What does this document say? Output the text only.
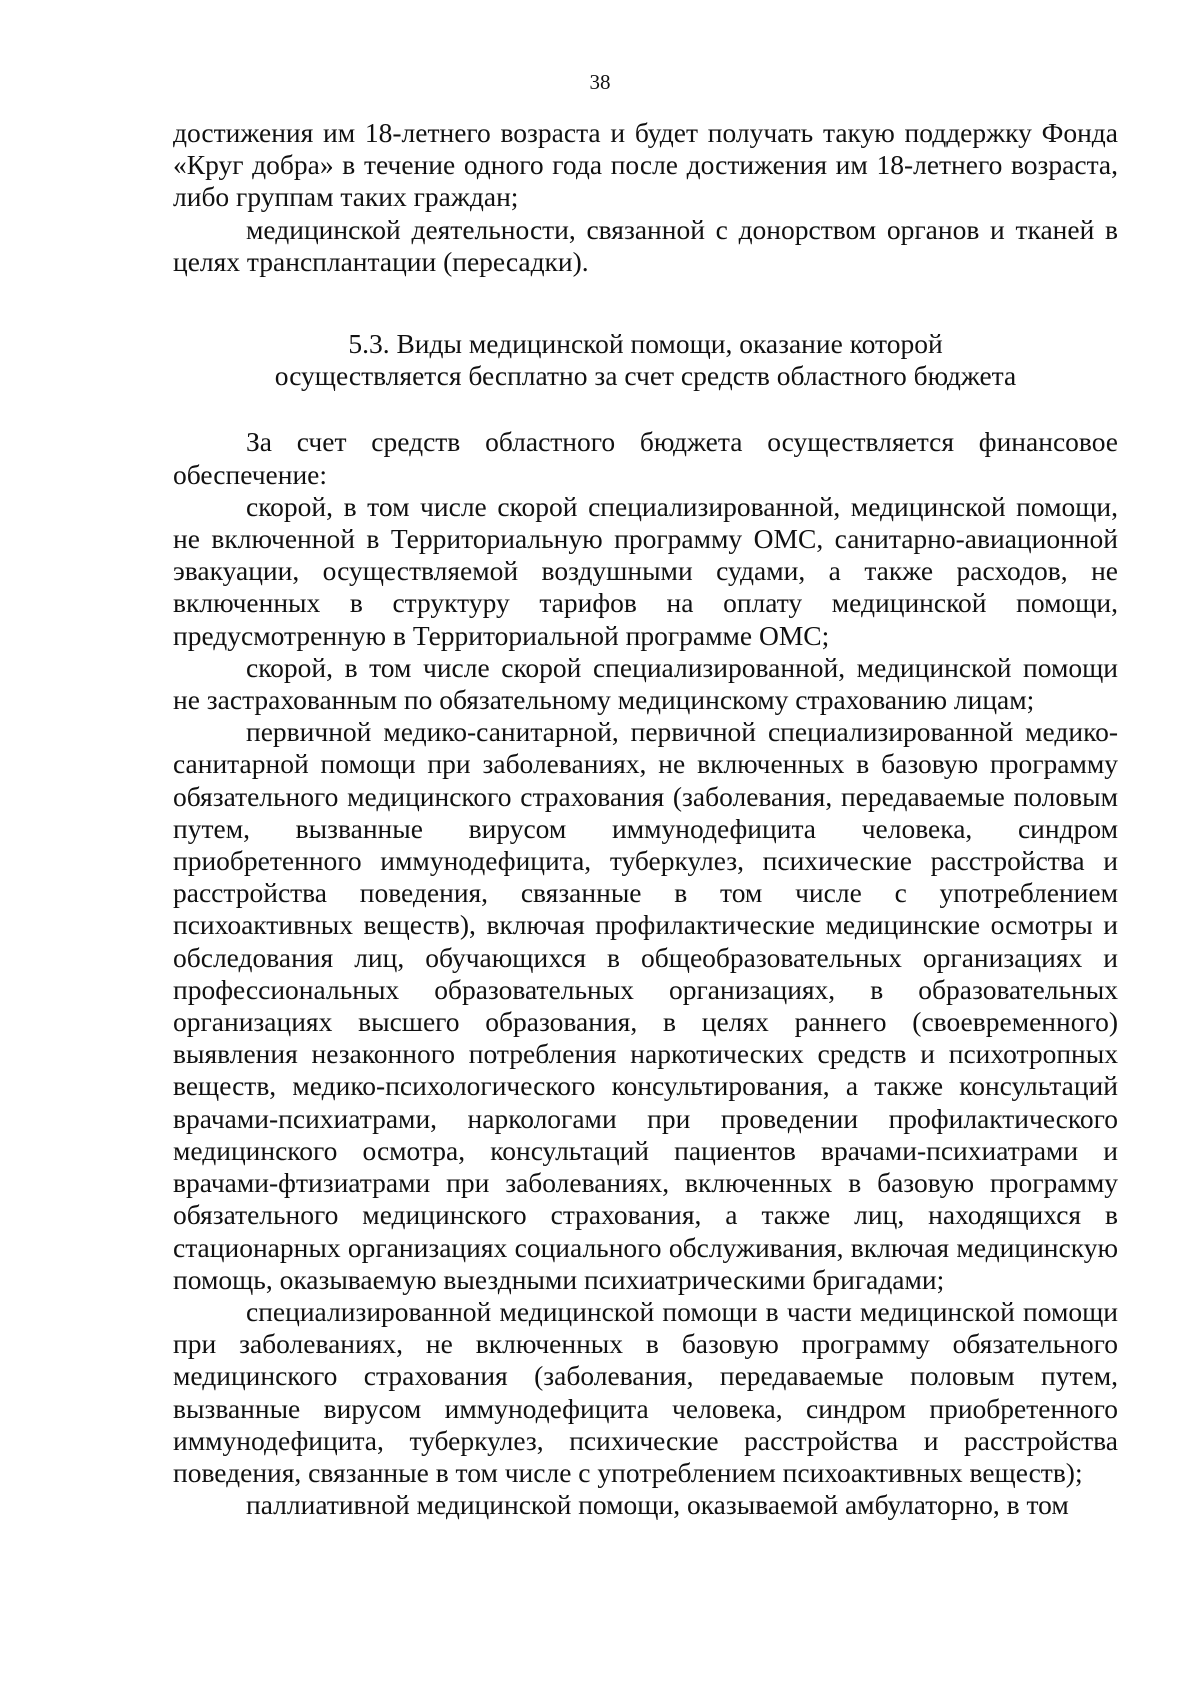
38

достижения им 18-летнего возраста и будет получать такую поддержку Фонда «Круг добра» в течение одного года после достижения им 18-летнего возраста, либо группам таких граждан;

медицинской деятельности, связанной с донорством органов и тканей в целях трансплантации (пересадки).

5.3. Виды медицинской помощи, оказание которой

осуществляется бесплатно за счет средств областного бюджета

За счет средств областного бюджета осуществляется финансовое обеспечение:

скорой, в том числе скорой специализированной, медицинской помощи, не включенной в Территориальную программу ОМС, санитарно-авиационной эвакуации, осуществляемой воздушными судами, а также расходов, не включенных в структуру тарифов на оплату медицинской помощи, предусмотренную в Территориальной программе ОМС;

скорой, в том числе скорой специализированной, медицинской помощи не застрахованным по обязательному медицинскому страхованию лицам;

первичной медико-санитарной, первичной специализированной медико-санитарной помощи при заболеваниях, не включенных в базовую программу обязательного медицинского страхования (заболевания, передаваемые половым путем, вызванные вирусом иммунодефицита человека, синдром приобретенного иммунодефицита, туберкулез, психические расстройства и расстройства поведения, связанные в том числе с употреблением психоактивных веществ), включая профилактические медицинские осмотры и обследования лиц, обучающихся в общеобразовательных организациях и профессиональных образовательных организациях, в образовательных организациях высшего образования, в целях раннего (своевременного) выявления незаконного потребления наркотических средств и психотропных веществ, медико-психологического консультирования, а также консультаций врачами-психиатрами, наркологами при проведении профилактического медицинского осмотра, консультаций пациентов врачами-психиатрами и врачами-фтизиатрами при заболеваниях, включенных в базовую программу обязательного медицинского страхования, а также лиц, находящихся в стационарных организациях социального обслуживания, включая медицинскую помощь, оказываемую выездными психиатрическими бригадами;

специализированной медицинской помощи в части медицинской помощи при заболеваниях, не включенных в базовую программу обязательного медицинского страхования (заболевания, передаваемые половым путем, вызванные вирусом иммунодефицита человека, синдром приобретенного иммунодефицита, туберкулез, психические расстройства и расстройства поведения, связанные в том числе с употреблением психоактивных веществ);

паллиативной медицинской помощи, оказываемой амбулаторно, в том
